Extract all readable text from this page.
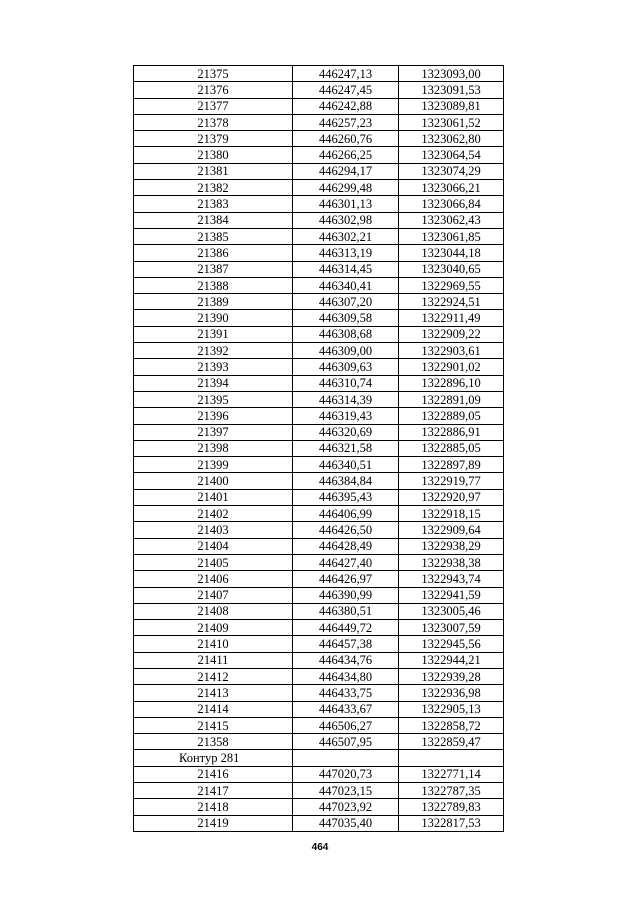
21375	446247,13	1323093,00
21376	446247,45	1323091,53
21377	446242,88	1323089,81
21378	446257,23	1323061,52
21379	446260,76	1323062,80
21380	446266,25	1323064,54
21381	446294,17	1323074,29
21382	446299,48	1323066,21
21383	446301,13	1323066,84
21384	446302,98	1323062,43
21385	446302,21	1323061,85
21386	446313,19	1323044,18
21387	446314,45	1323040,65
21388	446340,41	1322969,55
21389	446307,20	1322924,51
21390	446309,58	1322911,49
21391	446308,68	1322909,22
21392	446309,00	1322903,61
21393	446309,63	1322901,02
21394	446310,74	1322896,10
21395	446314,39	1322891,09
21396	446319,43	1322889,05
21397	446320,69	1322886,91
21398	446321,58	1322885,05
21399	446340,51	1322897,89
21400	446384,84	1322919,77
21401	446395,43	1322920,97
21402	446406,99	1322918,15
21403	446426,50	1322909,64
21404	446428,49	1322938,29
21405	446427,40	1322938,38
21406	446426,97	1322943,74
21407	446390,99	1322941,59
21408	446380,51	1323005,46
21409	446449,72	1323007,59
21410	446457,38	1322945,56
21411	446434,76	1322944,21
21412	446434,80	1322939,28
21413	446433,75	1322936,98
21414	446433,67	1322905,13
21415	446506,27	1322858,72
21358	446507,95	1322859,47
Контур 281		
21416	447020,73	1322771,14
21417	447023,15	1322787,35
21418	447023,92	1322789,83
21419	447035,40	1322817,53
464
